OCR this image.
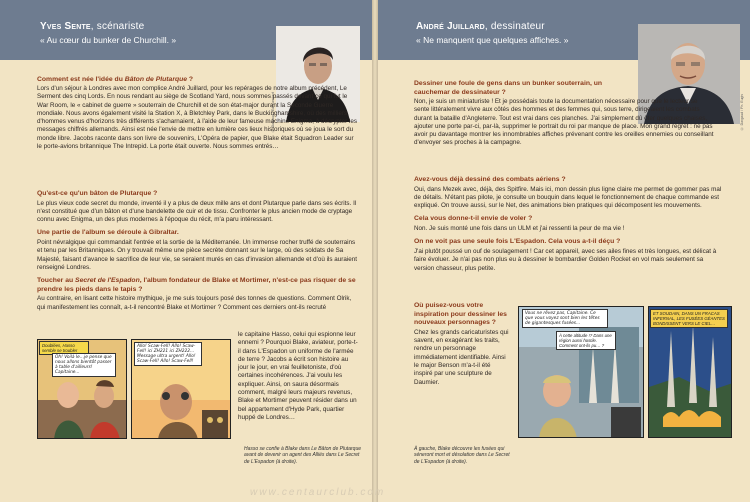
Yves Sente, scénariste
« Au cœur du bunker de Churchill. »
© Dargaud / Ed. Lambert
Comment est née l'idée du Bâton de Plutarque ?

Lors d'un séjour à Londres avec mon complice André Juillard, pour les repérages de notre album précédent, Le Serment des cinq Lords. En nous rendant au siège de Scotland Yard, nous sommes passés devant ce qui fut le War Room, le « cabinet de guerre » souterrain de Churchill et de son état-major durant la Seconde Guerre mondiale. Nous avons également visité la Station X, à Bletchley Park, dans le Buckinghamshire, où des milliers d'hommes venus d'horizons très différents s'acharnaient, à l'aide de leur fameuse machine Enigma, à décrypter les messages chiffrés allemands. Ainsi est née l'envie de mettre en lumière ces lieux historiques où se joua le sort du monde libre. Jacobs raconte dans son livre de souvenirs, L'Opéra de papier, que Blake était Squadron Leader sur le porte-avions britannique The Intrepid. La porte était ouverte. Nous sommes entrés…

Qu'est-ce qu'un bâton de Plutarque ?

Le plus vieux code secret du monde, inventé il y a plus de deux mille ans et dont Plutarque parle dans ses écrits. Il n'est constitué que d'un bâton et d'une bandelette de cuir et de tissu. Confronter le plus ancien mode de cryptage connu avec Enigma, un des plus modernes à l'époque du récit, m'a paru intéressant.

Une partie de l'album se déroule à Gibraltar.

Point névralgique qui commandait l'entrée et la sortie de la Méditerranée. Un immense rocher truffé de souterrains et tenu par les Britanniques. On y trouvait même une pièce secrète donnant sur le large, où des soldats de Sa Majesté, faisant d'avance le sacrifice de leur vie, se seraient murés en cas d'invasion allemande et d'où ils auraient renseigné Londres.

Toucher au Secret de l'Espadon, l'album fondateur de Blake et Mortimer, n'est-ce pas risquer de se prendre les pieds dans le tapis ?

Au contraire, en lisant cette histoire mythique, je me suis toujours posé des tonnes de questions. Comment Olrik, qui manifestement les connaît, a-t-il rencontré Blake et Mortimer ? Comment ces derniers ont-ils recruté

le capitaine Hasso, celui qui espionne leur ennemi ? Pourquoi Blake, aviateur, porte-t-il dans L'Espadon un uniforme de l'armée de terre ? Jacobs a écrit son histoire au jour le jour, en vrai feuilletoniste, d'où certaines incohérences. J'ai voulu les expliquer. Ainsi, on saura désormais comment, malgré leurs majeurs revenus, Blake et Mortimer peuvent résider dans un bel appartement d'Hyde Park, quartier huppé de Londres…

Doublées, Hasso semble se troubler
Oh! Voilà le…je pense que nous allons bientôt passer à table d'ailleurs! Capitaine…
Allo! Scaw-Fell! Allo! Scaw-Fell! ici ZH221 ici ZH222… Message ultra urgent! Allo! Scaw-Fell! Allo! Scaw-Fell!
Hasso se confie à Blake dans Le Bâton de Plutarque avant de devenir un agent des Alliés dans Le Secret de L'Espadon (à droite).
André Juillard, dessinateur
« Ne manquent que quelques affiches. »
© Dargaud / Ph. Eugis
Dessiner une foule de gens dans un bunker souterrain, un cauchemar de dessinateur ?

Non, je suis un miniaturiste ! Et je possédais toute la documentation nécessaire pour que le lecteur se sente littéralement vivre aux côtés des hommes et des femmes qui, sous terre, dirigeaient les combats durant la bataille d'Angleterre. Tout est vrai dans ces planches. J'ai simplement dû ôter quelques chaises, ajouter une porte par-ci, par-là, supprimer le portrait du roi par manque de place. Mon grand regret : ne pas avoir pu davantage montrer les innombrables affiches prévenant contre les oreilles ennemies ou conseillant d'envoyer ses proches à la campagne.

Avez-vous déjà dessiné des combats aériens ?

Oui, dans Mezek avec, déjà, des Spitfire. Mais ici, mon dessin plus ligne claire me permet de gommer pas mal de détails. N'étant pas pilote, je consulte un bouquin dans lequel le fonctionnement de chaque commande est expliqué. On trouve aussi, sur le Net, des animations bien pratiques qui décomposent les mouvements.

Cela vous donne-t-il envie de voler ?

Non. Je suis monté une fois dans un ULM et j'ai ressenti la peur de ma vie !

On ne voit pas une seule fois L'Espadon. Cela vous a-t-il déçu ?

J'ai plutôt poussé un ouf de soulagement ! Car cet appareil, avec ses ailes fines et très longues, est délicat à faire évoluer. Je n'ai pas non plus eu à dessiner le bombardier Golden Rocket en vol mais seulement sa version chasseur, plus petite.

Où puisez-vous votre inspiration pour dessiner les nouveaux personnages ?

Chez les grands caricaturistes qui savent, en exagérant les traits, rendre un personnage immédiatement identifiable. Ainsi le major Benson m'a-t-il été inspiré par une sculpture de Daumier.

Vous ne rêvez pas, Capitaine. Ce que vous voyez sont bien les têtes de gigantesques fusées…
À cette altitude !? Dans une région aussi hostile. Comment ont-ils pu… ?
ET SOUDAIN, DANS UN FRACAS INFERNAL, LES FUSÉES GÉANTES BONDISSENT VERS LE CIEL…
À gauche, Blake découvre les fusées qui séneront mort et désolation dans Le Secret de L'Espadon (à droite).
www.centaurclub.com
